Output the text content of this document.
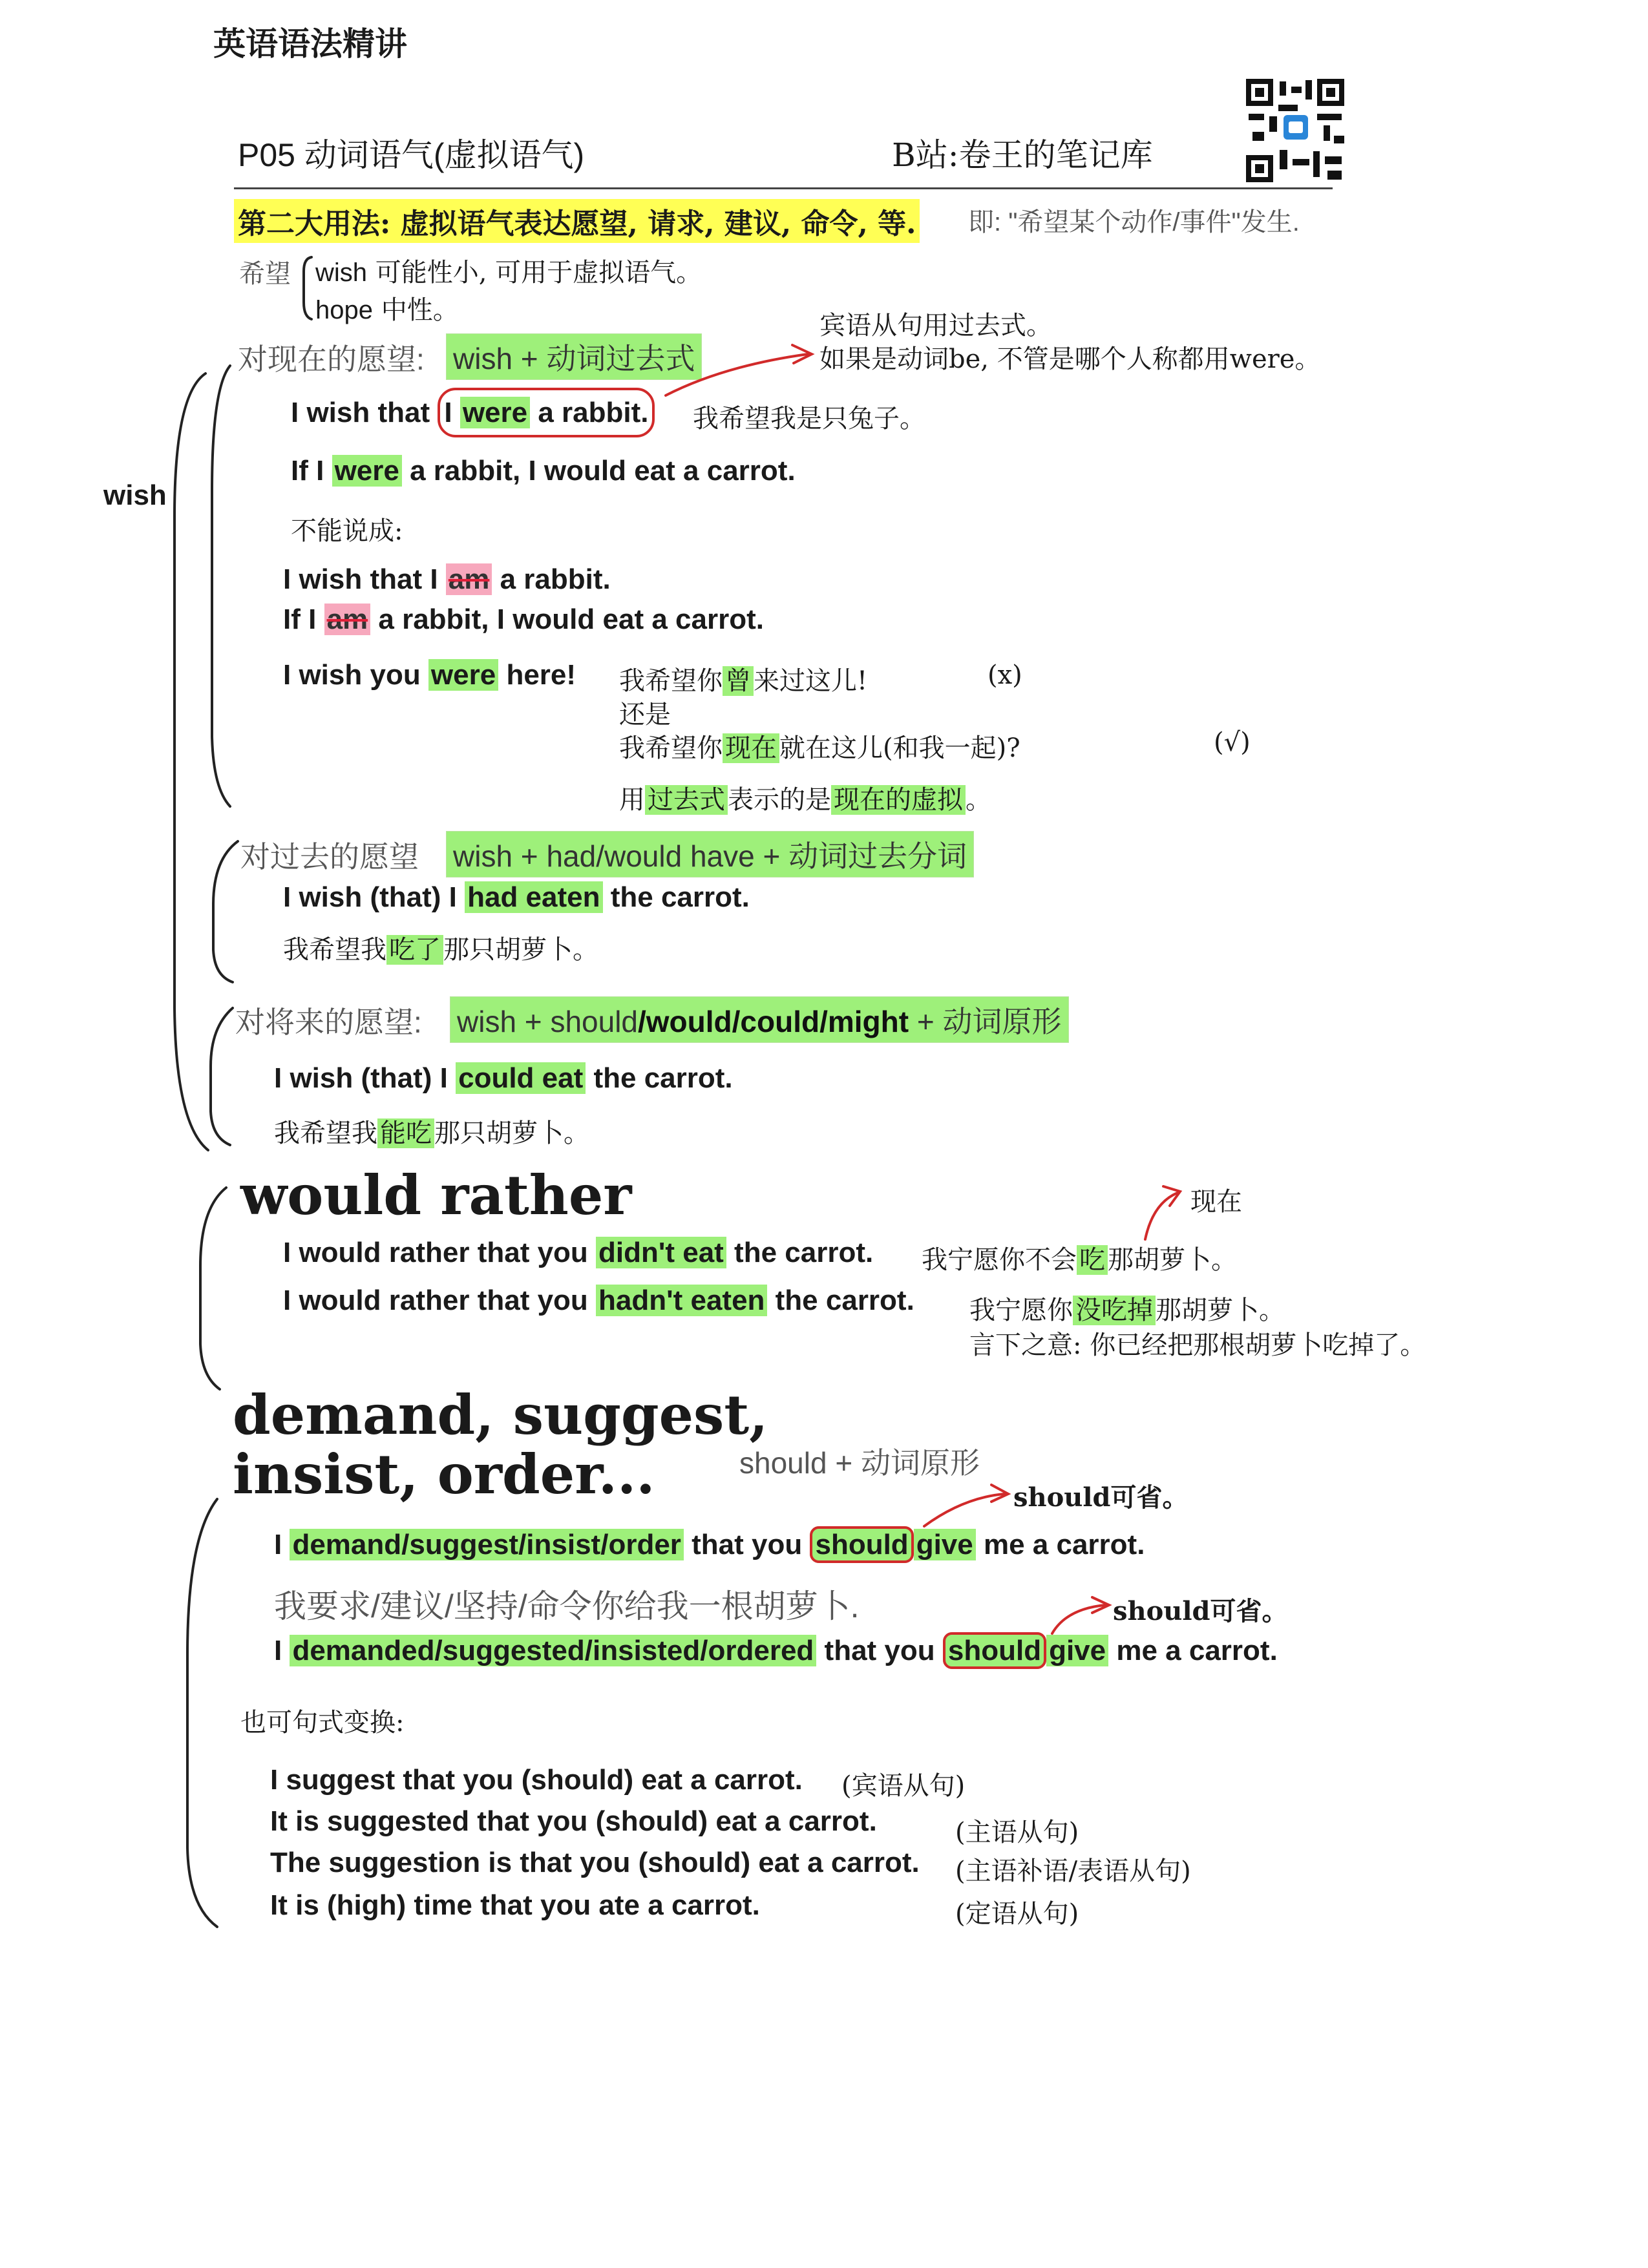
英语语法精讲
P05 动词语气(虚拟语气)	B站:卷王的笔记库
第二大用法: 虚拟语气表达愿望, 请求, 建议, 命令, 等. 即: "希望某个动作/事件"发生.
希望 wish 可能性小, 可用于虚拟语气。
hope 中性。
wish
对现在的愿望: wish + 动词过去式
宾语从句用过去式。
如果是动词be, 不管是哪个人称都用were。
I wish that I were a rabbit. 我希望我是只兔子。
If I were a rabbit, I would eat a carrot.
不能说成:
I wish that I am a rabbit.
If I am a rabbit, I would eat a carrot.
I wish you were here! 我希望你 曾 来过这儿!	(x)
还是
我希望你 现在 就在这儿(和我一起)?	(√)
用 过去式 表示的是 现在的虚拟 。
对过去的愿望 wish + had/would have + 动词过去分词
I wish (that) I had eaten the carrot.
我希望我 吃了 那只胡萝卜。
对将来的愿望: wish + should/would/could/might + 动词原形
I wish (that) I could eat the carrot.
我希望我 能吃 那只胡萝卜。
would rather	现在
I would rather that you didn't eat the carrot. 我宁愿你不会 吃 那胡萝卜。
I would rather that you hadn't eaten the carrot. 我宁愿你 没吃掉 那胡萝卜。
言下之意: 你已经把那根胡萝卜吃掉了。
demand, suggest,
insist, order...	should + 动词原形
should可省。
I demand/suggest/insist/order that you should give me a carrot.
我要求/建议/坚持/命令你给我一根胡萝卜.	should可省。
I demanded/suggested/insisted/ordered that you should give me a carrot.
也可句式变换:
I suggest that you (should) eat a carrot. (宾语从句)
It is suggested that you (should) eat a carrot.	(主语从句)
The suggestion is that you (should) eat a carrot. (主语补语/表语从句)
It is (high) time that you ate a carrot.	(定语从句)
